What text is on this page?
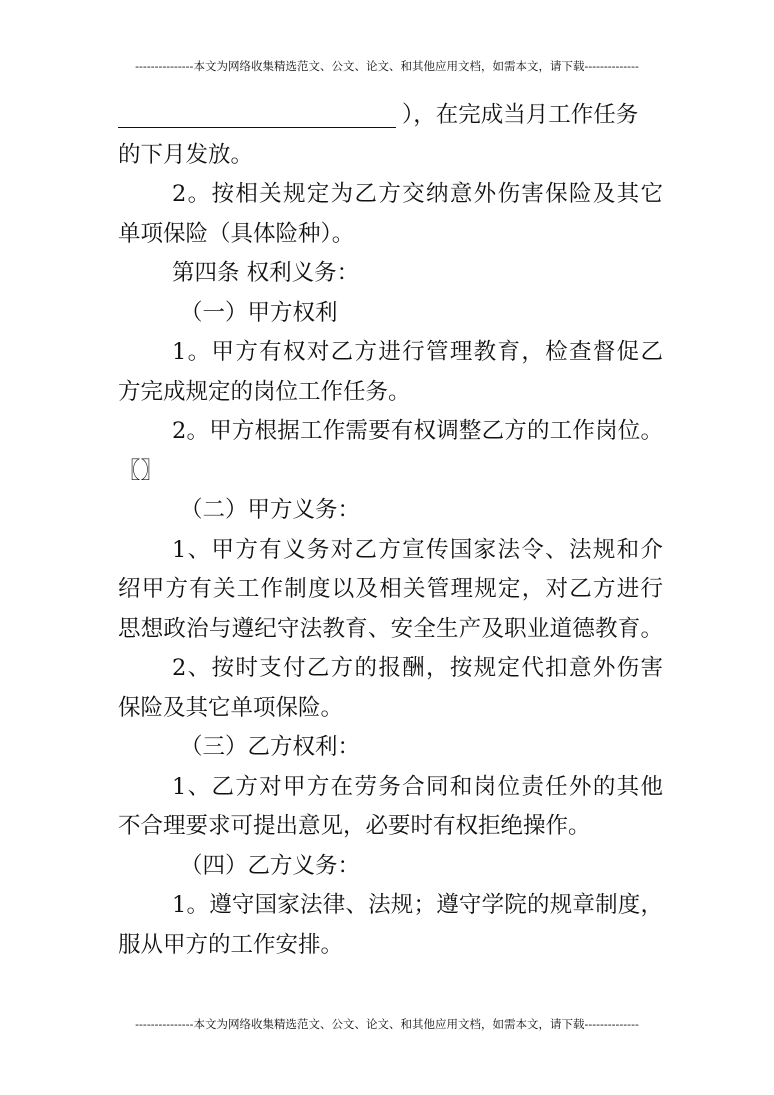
---------------本文为网络收集精选范文、公文、论文、和其他应用文档，如需本文，请下载--------------
），在完成当月工作任务
的下月发放。
2。按相关规定为乙方交纳意外伤害保险及其它
单项保险（具体险种）。
第四条 权利义务：
（一）甲方权利
1。甲方有权对乙方进行管理教育，检查督促乙
方完成规定的岗位工作任务。
2。甲方根据工作需要有权调整乙方的工作岗位。
〖〗
（二）甲方义务：
1、甲方有义务对乙方宣传国家法令、法规和介
绍甲方有关工作制度以及相关管理规定，对乙方进行
思想政治与遵纪守法教育、安全生产及职业道德教育。
2、按时支付乙方的报酬，按规定代扣意外伤害
保险及其它单项保险。
（三）乙方权利：
1、乙方对甲方在劳务合同和岗位责任外的其他
不合理要求可提出意见，必要时有权拒绝操作。
（四）乙方义务：
1。遵守国家法律、法规；遵守学院的规章制度，
服从甲方的工作安排。
---------------本文为网络收集精选范文、公文、论文、和其他应用文档，如需本文，请下载--------------
